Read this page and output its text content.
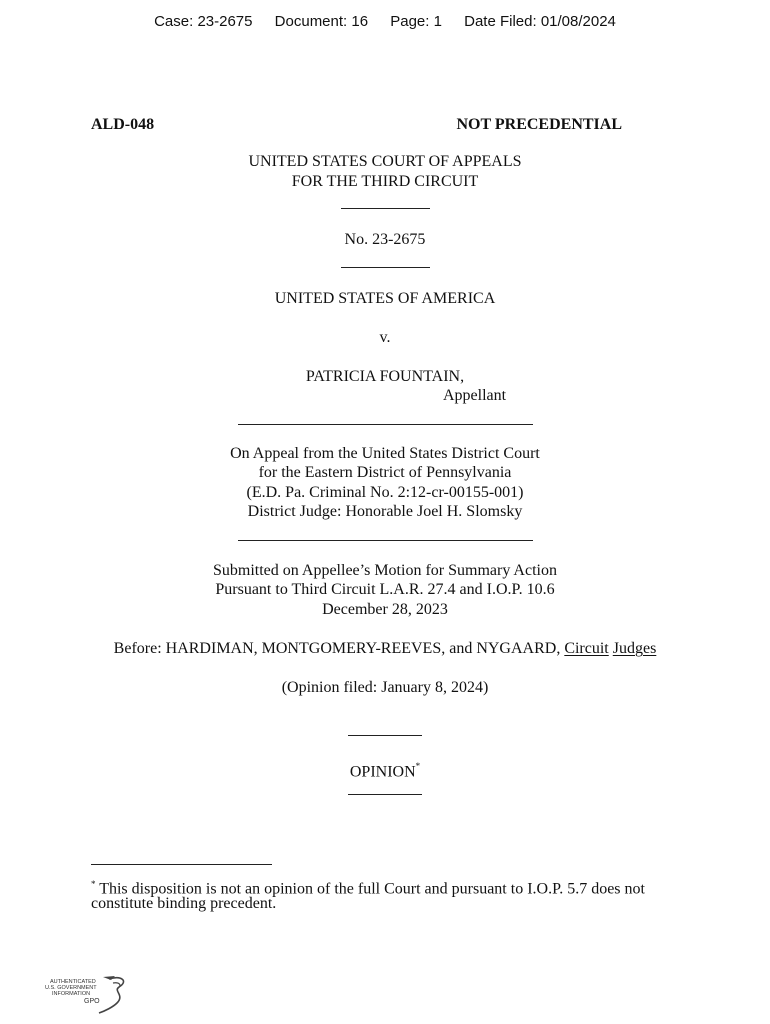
Case: 23-2675 Document: 16 Page: 1 Date Filed: 01/08/2024
ALD-048	NOT PRECEDENTIAL
UNITED STATES COURT OF APPEALS
FOR THE THIRD CIRCUIT
No. 23-2675
UNITED STATES OF AMERICA
v.
PATRICIA FOUNTAIN,
Appellant
On Appeal from the United States District Court
for the Eastern District of Pennsylvania
(E.D. Pa. Criminal No. 2:12-cr-00155-001)
District Judge: Honorable Joel H. Slomsky
Submitted on Appellee’s Motion for Summary Action
Pursuant to Third Circuit L.A.R. 27.4 and I.O.P. 10.6
December 28, 2023
Before: HARDIMAN, MONTGOMERY-REEVES, and NYGAARD, Circuit Judges
(Opinion filed: January 8, 2024)
OPINION*
* This disposition is not an opinion of the full Court and pursuant to I.O.P. 5.7 does not
constitute binding precedent.
AUTHENTICATED
U.S. GOVERNMENT
INFORMATION
GPO
